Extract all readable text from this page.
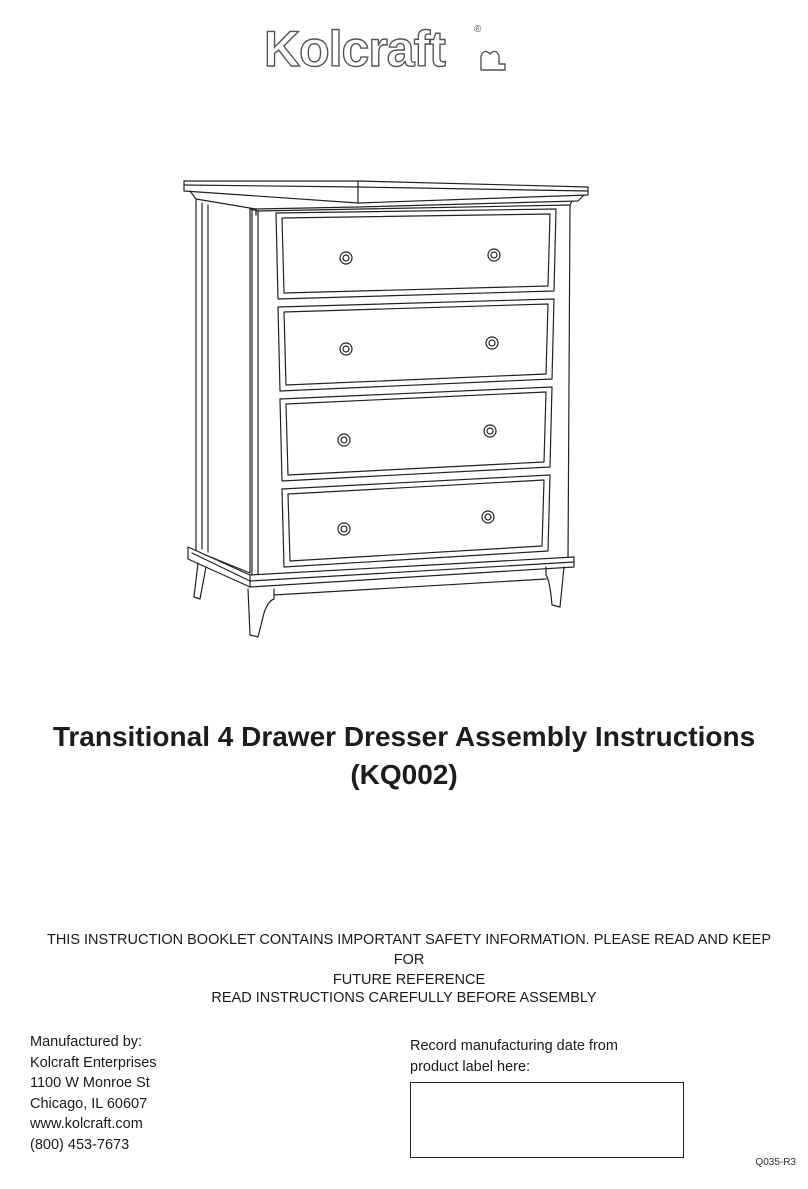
Kolcraft	®
Transitional 4 Drawer Dresser Assembly Instructions
(KQ002)

THIS INSTRUCTION BOOKLET CONTAINS IMPORTANT SAFETY INFORMATION. PLEASE READ AND KEEP FOR
FUTURE REFERENCE

READ INSTRUCTIONS CAREFULLY BEFORE ASSEMBLY

Manufactured by:
Kolcraft Enterprises
1100 W Monroe St
Chicago, IL 60607
www.kolcraft.com
(800) 453-7673
Record manufacturing date from
product label here:
Q035-R3
